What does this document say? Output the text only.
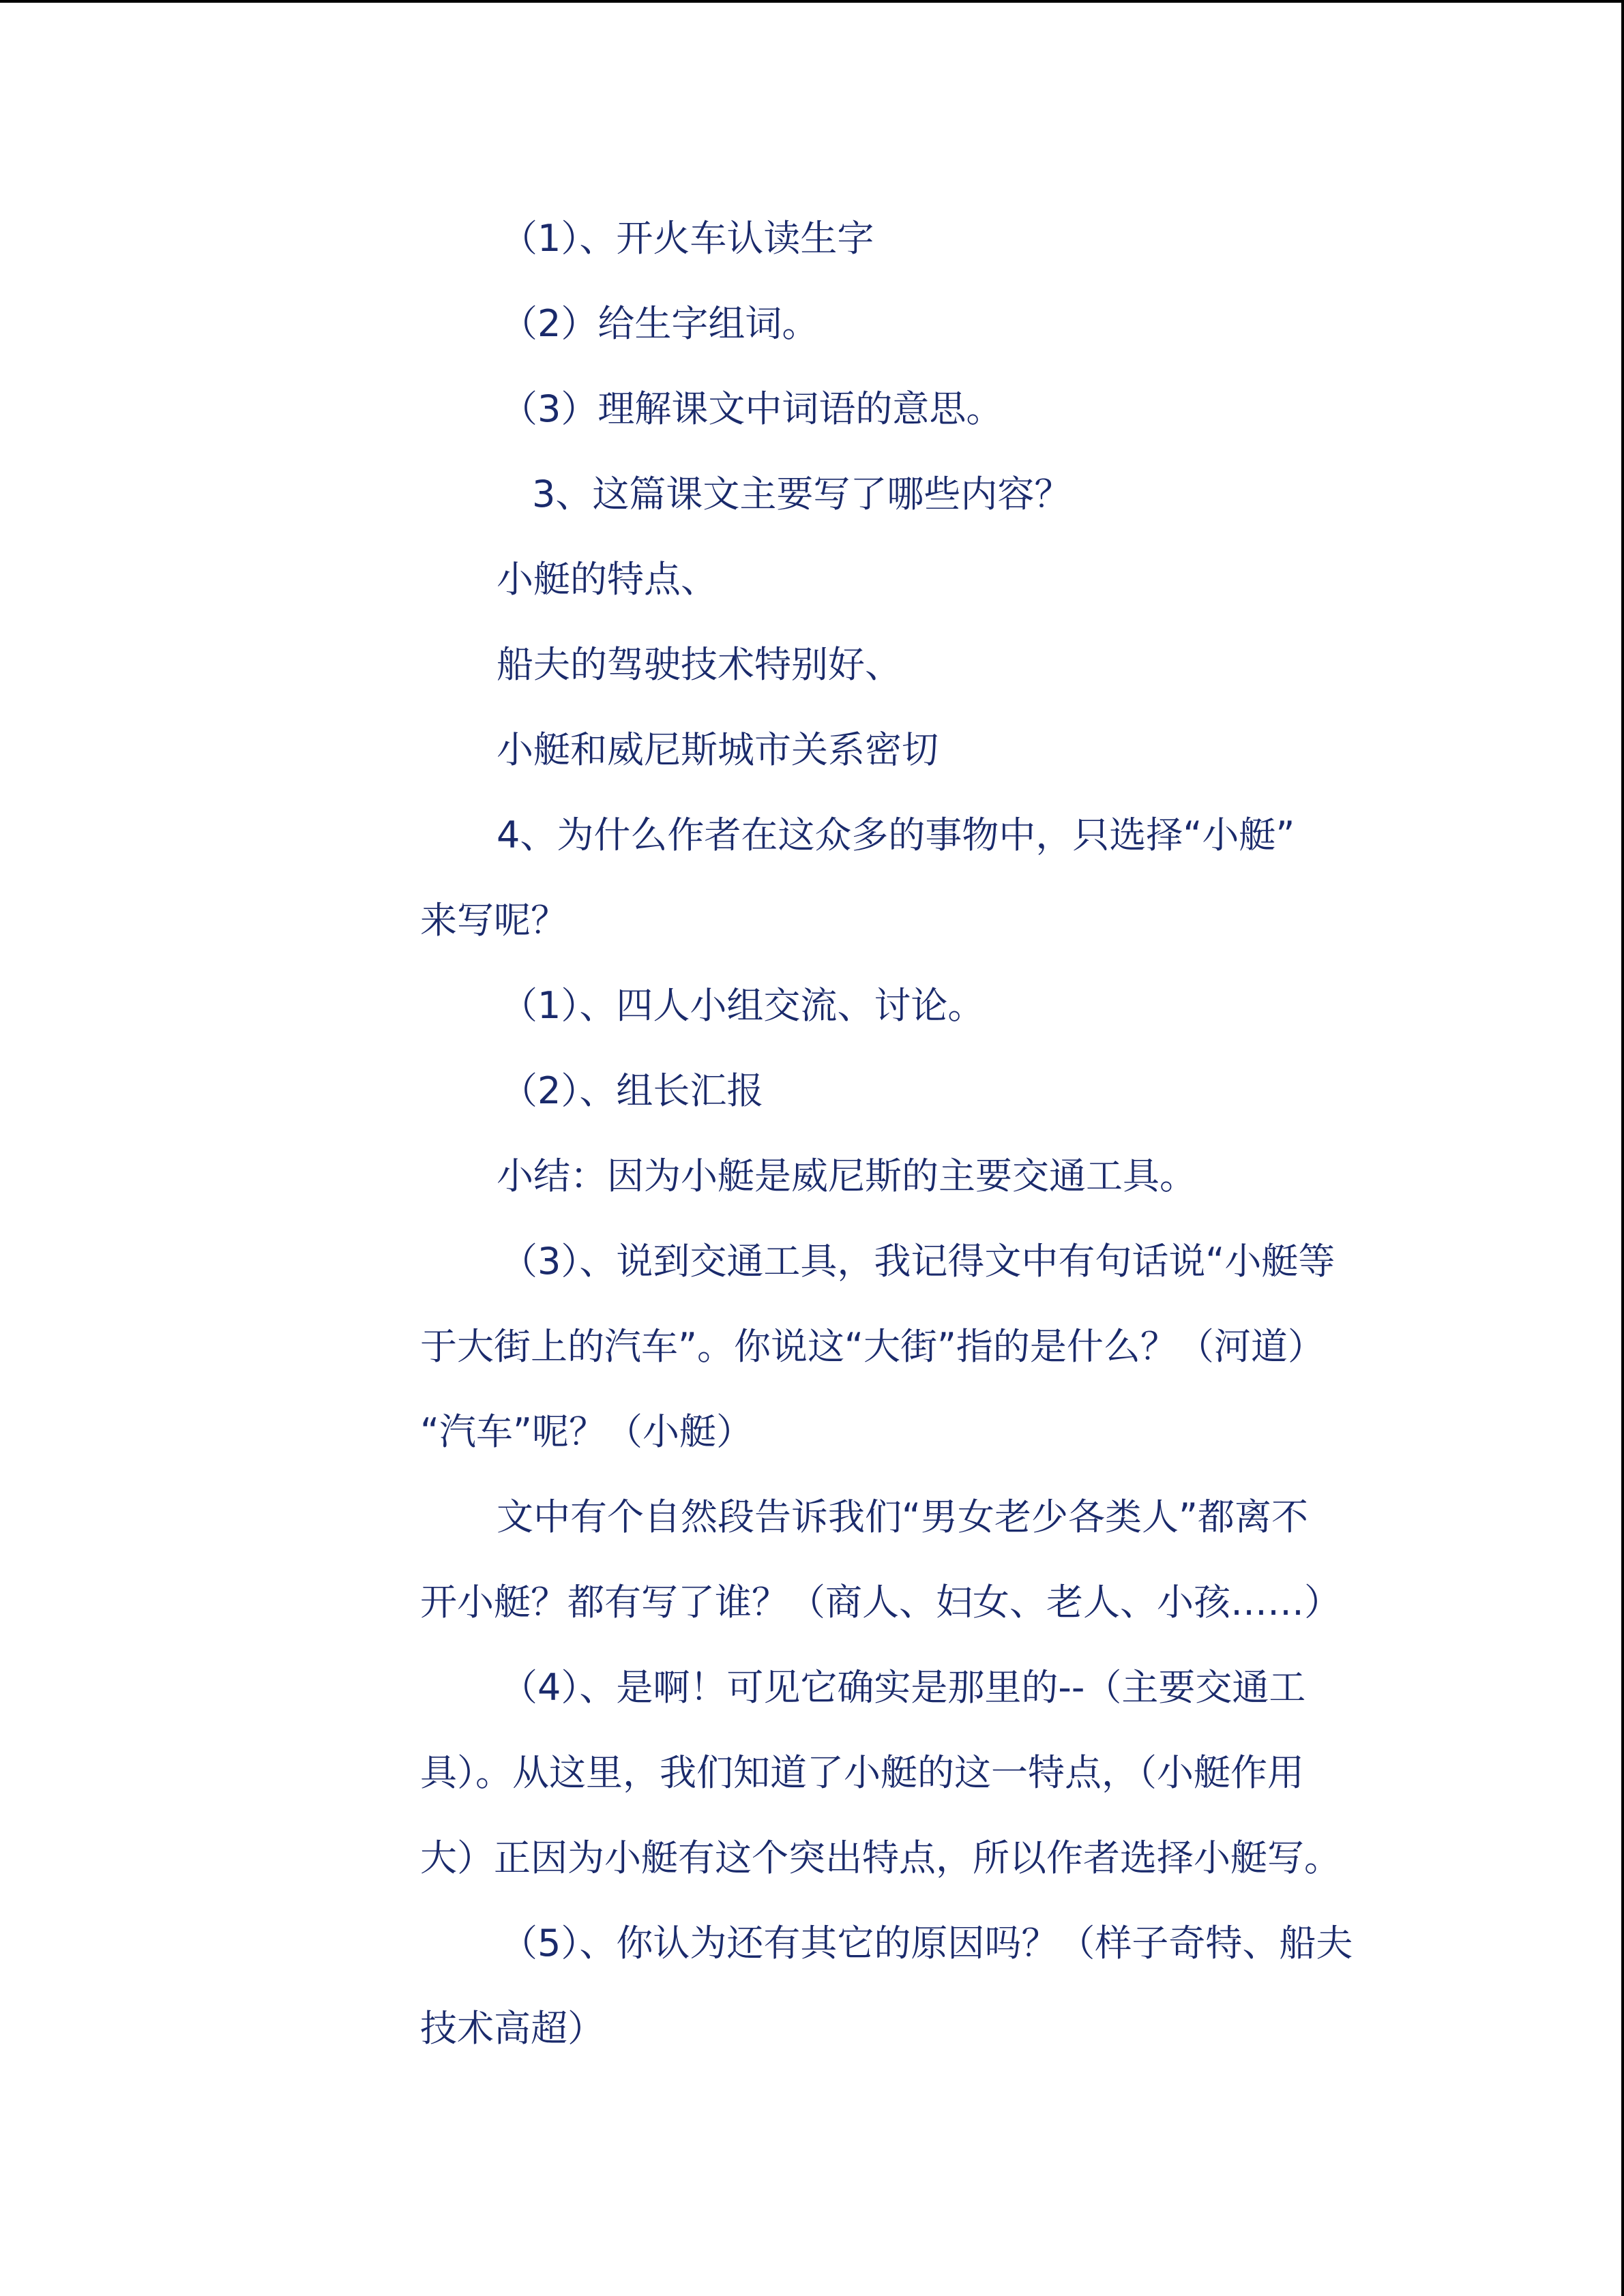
（1）、开火车认读生字

（2）给生字组词。

（3）理解课文中词语的意思。

3、这篇课文主要写了哪些内容？

小艇的特点、

船夫的驾驶技术特别好、

小艇和威尼斯城市关系密切

4、为什么作者在这众多的事物中，只选择“小艇”

来写呢？

（1）、四人小组交流、讨论。

（2）、组长汇报

小结：因为小艇是威尼斯的主要交通工具。

（3）、说到交通工具，我记得文中有句话说“小艇等

于大街上的汽车”。你说这“大街”指的是什么？（河道）

“汽车”呢？（小艇）

文中有个自然段告诉我们“男女老少各类人”都离不

开小艇？都有写了谁？（商人、妇女、老人、小孩……）

（4）、是啊！可见它确实是那里的--（主要交通工

具）。从这里，我们知道了小艇的这一特点，（小艇作用

大）正因为小艇有这个突出特点，所以作者选择小艇写。

（5）、你认为还有其它的原因吗？（样子奇特、船夫

技术高超）
